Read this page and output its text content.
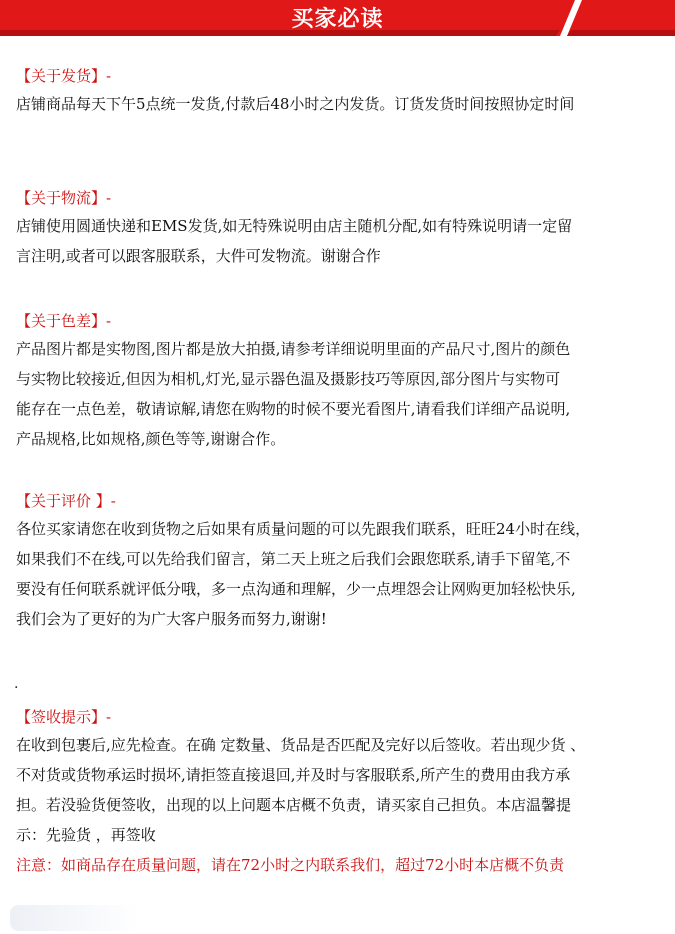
买家必读
【关于发货】-
店铺商品每天下午5点统一发货,付款后48小时之内发货。订货发货时间按照协定时间
【关于物流】-
店铺使用圆通快递和EMS发货,如无特殊说明由店主随机分配,如有特殊说明请一定留
言注明,或者可以跟客服联系，大件可发物流。谢谢合作
【关于色差】-
产品图片都是实物图,图片都是放大拍摄,请参考详细说明里面的产品尺寸,图片的颜色
与实物比较接近,但因为相机,灯光,显示器色温及摄影技巧等原因,部分图片与实物可
能存在一点色差，敬请谅解,请您在购物的时候不要光看图片,请看我们详细产品说明,
产品规格,比如规格,颜色等等,谢谢合作。
【关于评价 】-
各位买家请您在收到货物之后如果有质量问题的可以先跟我们联系，旺旺24小时在线，
如果我们不在线,可以先给我们留言，第二天上班之后我们会跟您联系,请手下留笔,不
要没有任何联系就评低分哦，多一点沟通和理解，少一点埋怨会让网购更加轻松快乐,
我们会为了更好的为广大客户服务而努力,谢谢!
.
【签收提示】-
在收到包裹后,应先检查。在确 定数量、货品是否匹配及完好以后签收。若出现少货 、
不对货或货物承运时损坏,请拒签直接退回,并及时与客服联系,所产生的费用由我方承
担。若没验货便签收，出现的以上问题本店概不负责，请买家自己担负。本店温馨提
示：先验货 ，再签收
注意：如商品存在质量问题，请在72小时之内联系我们，超过72小时本店概不负责
